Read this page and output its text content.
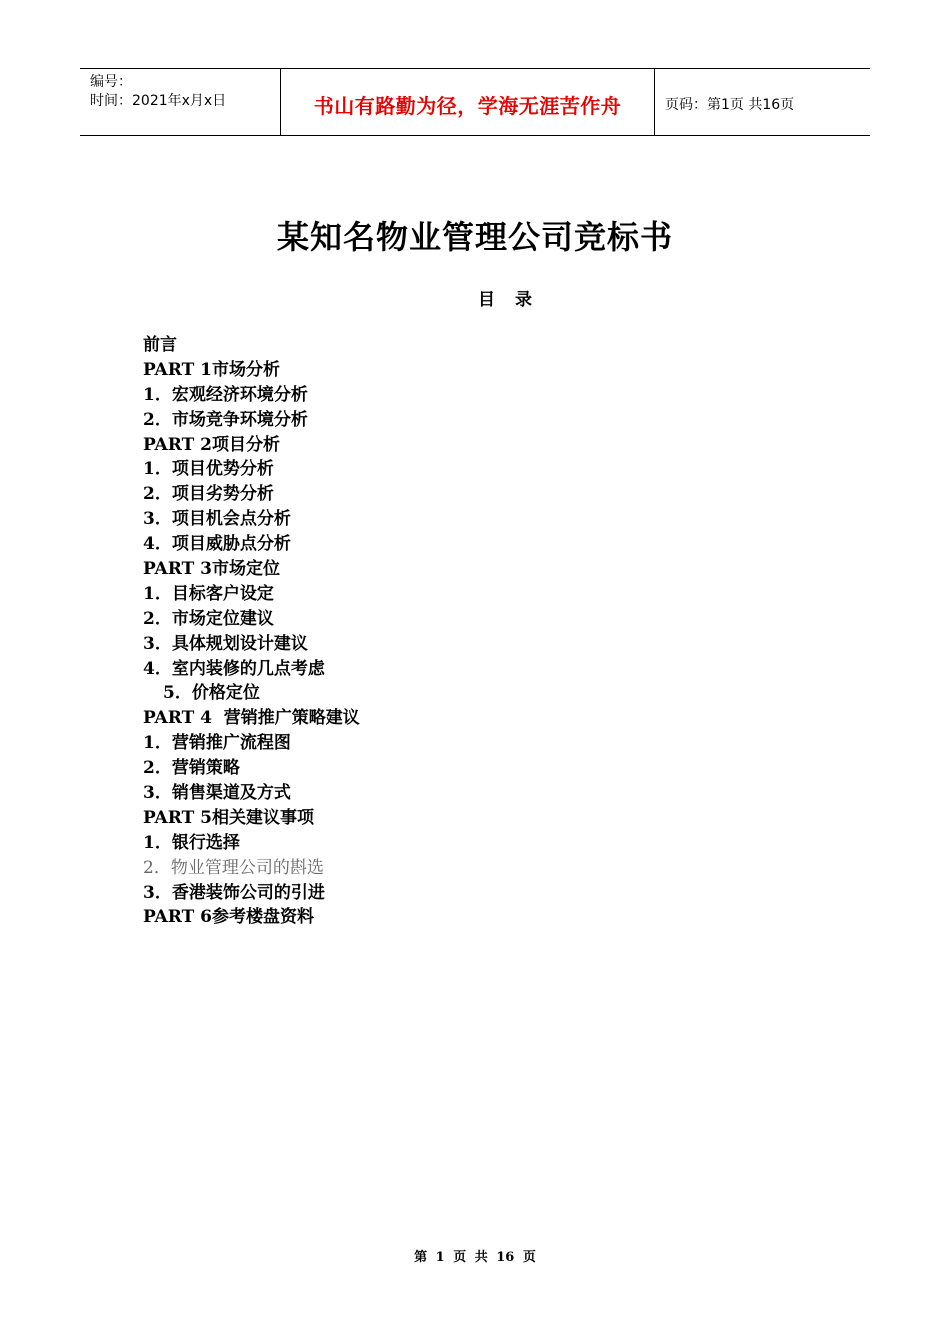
编号：
时间：2021年x月x日	书山有路勤为径，学海无涯苦作舟	页码：第1页 共16页
某知名物业管理公司竞标书
目录
前言
PART 1市场分析
1．宏观经济环境分析
2．市场竞争环境分析
PART 2项目分析
1．项目优势分析
2．项目劣势分析
3．项目机会点分析
4．项目威胁点分析
PART 3市场定位
1．目标客户设定
2．市场定位建议
3．具体规划设计建议
4．室内装修的几点考虑
5．价格定位
PART 4  营销推广策略建议
1．营销推广流程图
2．营销策略
3．销售渠道及方式
PART 5相关建议事项
1．银行选择
2．物业管理公司的斟选
3．香港装饰公司的引进
PART 6参考楼盘资料
第 1 页 共 16 页
